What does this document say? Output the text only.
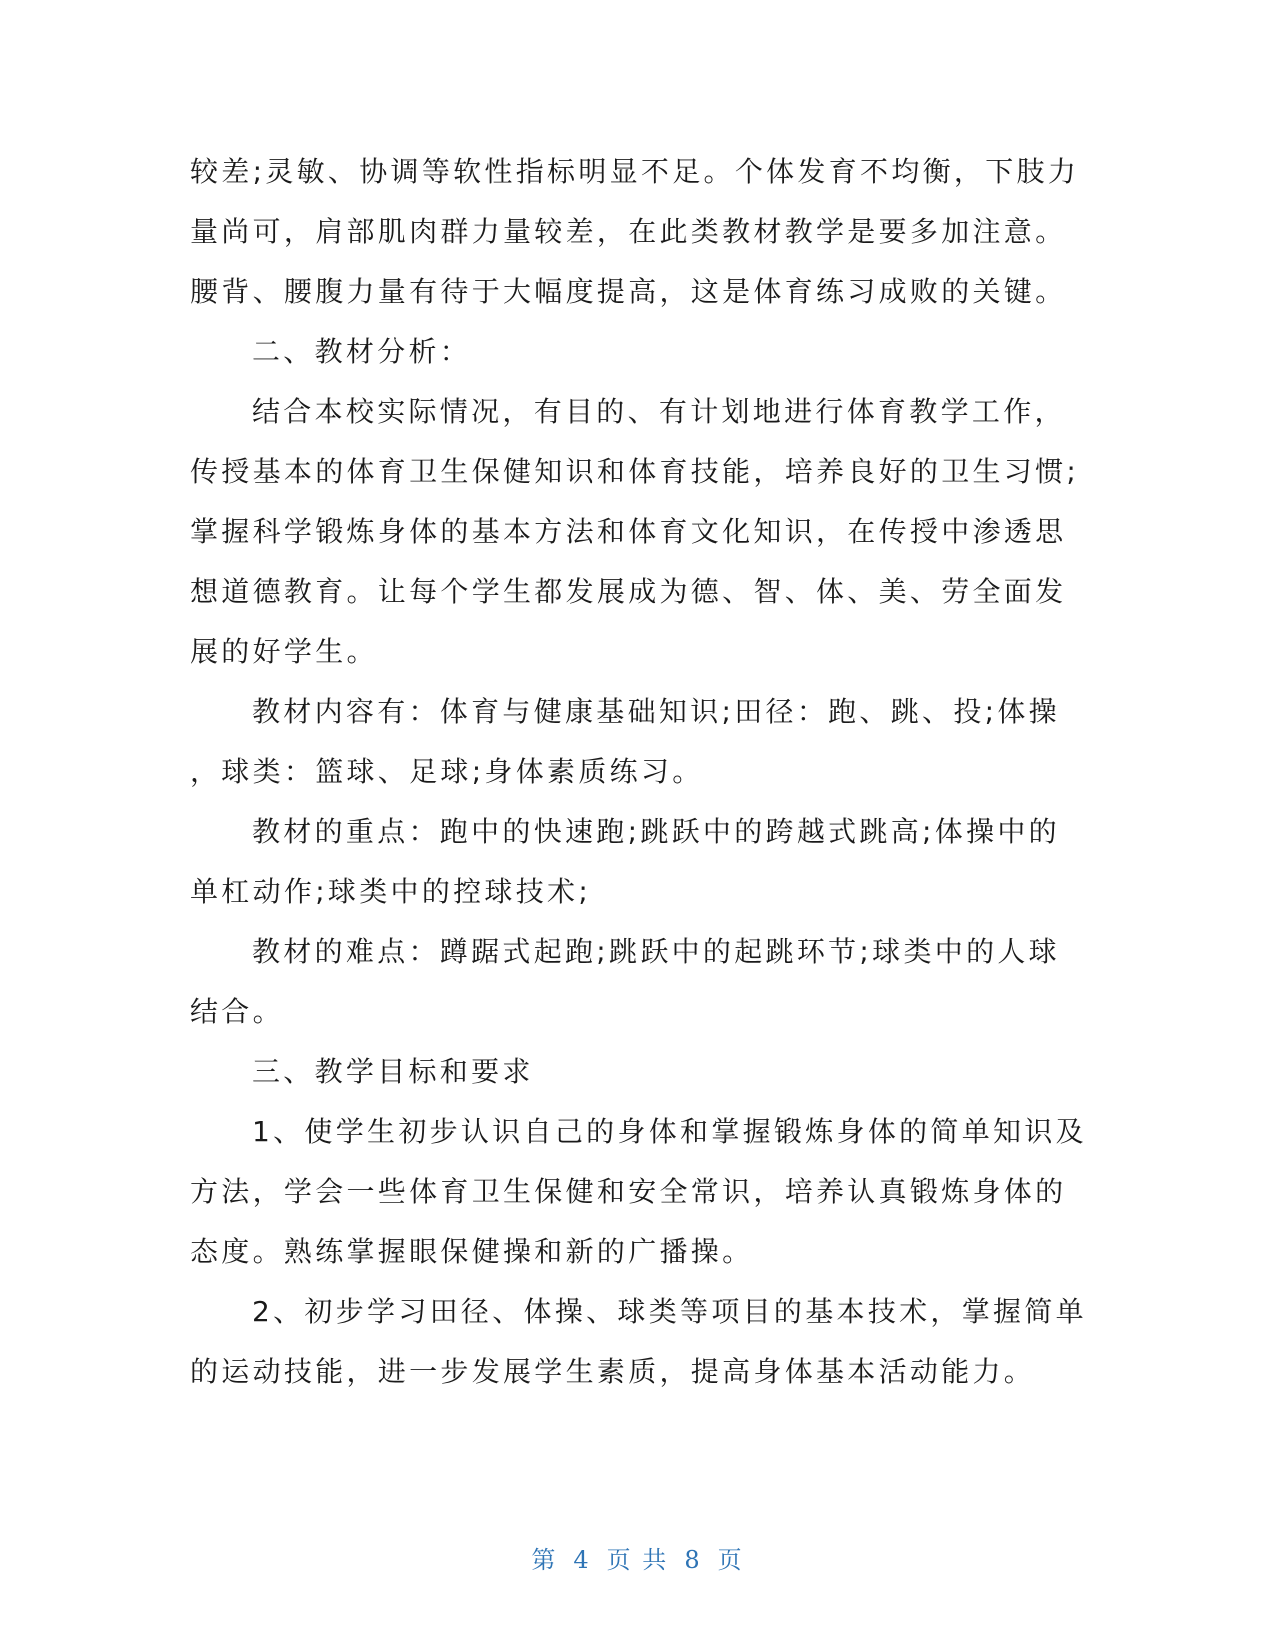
较差;灵敏、协调等软性指标明显不足。个体发育不均衡，下肢力

量尚可，肩部肌肉群力量较差，在此类教材教学是要多加注意。

腰背、腰腹力量有待于大幅度提高，这是体育练习成败的关键。

二、教材分析：

结合本校实际情况，有目的、有计划地进行体育教学工作，

传授基本的体育卫生保健知识和体育技能，培养良好的卫生习惯;

掌握科学锻炼身体的基本方法和体育文化知识，在传授中渗透思

想道德教育。让每个学生都发展成为德、智、体、美、劳全面发

展的好学生。

教材内容有：体育与健康基础知识;田径：跑、跳、投;体操

，球类：篮球、足球;身体素质练习。

教材的重点：跑中的快速跑;跳跃中的跨越式跳高;体操中的

单杠动作;球类中的控球技术;

教材的难点：蹲踞式起跑;跳跃中的起跳环节;球类中的人球

结合。

三、教学目标和要求

1、使学生初步认识自己的身体和掌握锻炼身体的简单知识及

方法，学会一些体育卫生保健和安全常识，培养认真锻炼身体的

态度。熟练掌握眼保健操和新的广播操。

2、初步学习田径、体操、球类等项目的基本技术，掌握简单

的运动技能，进一步发展学生素质，提高身体基本活动能力。

第 4 页 共 8 页
